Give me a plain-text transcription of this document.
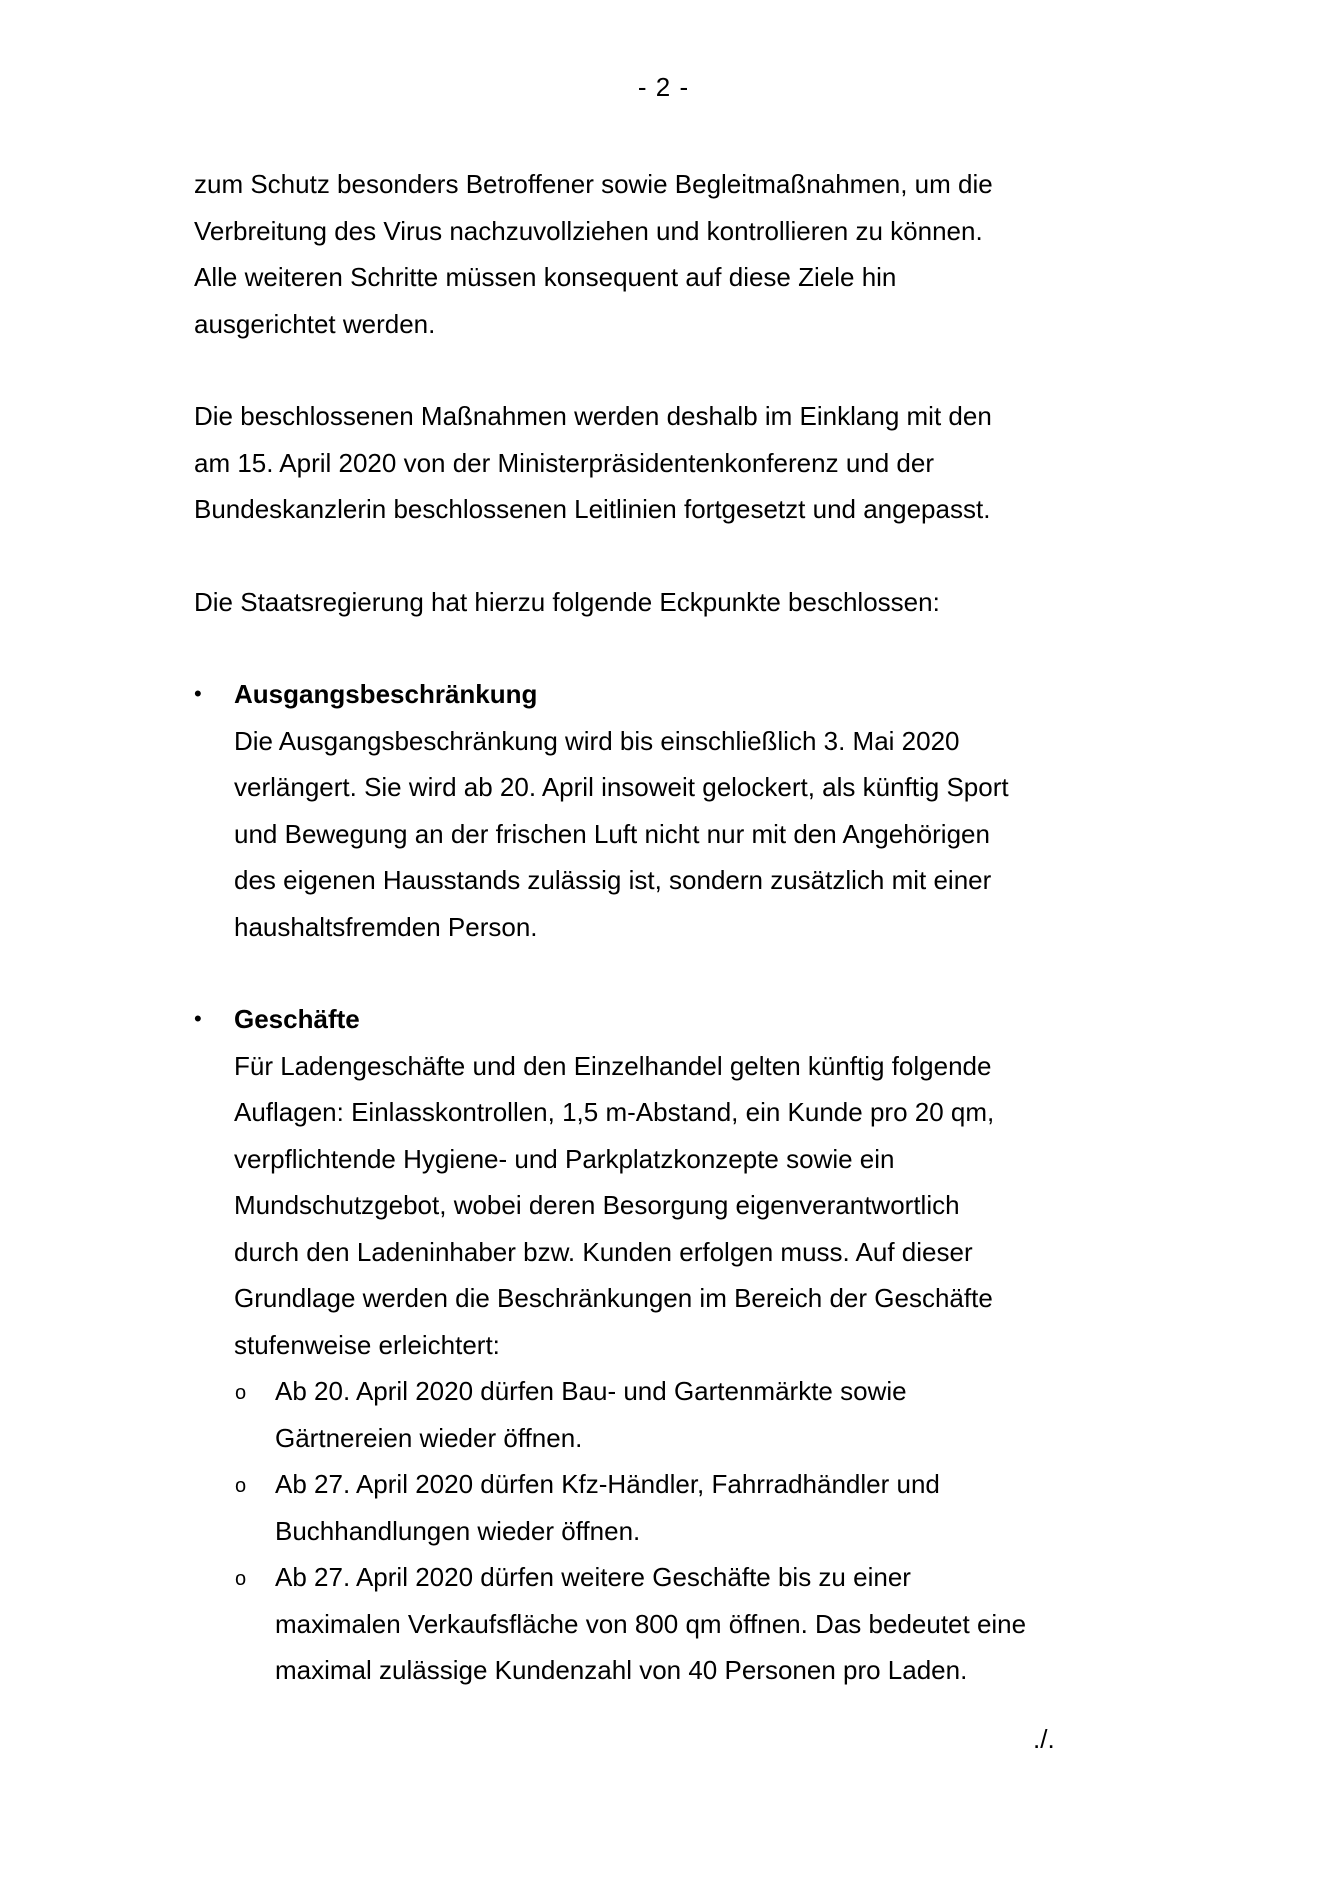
- 2 -
zum Schutz besonders Betroffener sowie Begleitmaßnahmen, um die
Verbreitung des Virus nachzuvollziehen und kontrollieren zu können.
Alle weiteren Schritte müssen konsequent auf diese Ziele hin
ausgerichtet werden.
Die beschlossenen Maßnahmen werden deshalb im Einklang mit den
am 15. April 2020 von der Ministerpräsidentenkonferenz und der
Bundeskanzlerin beschlossenen Leitlinien fortgesetzt und angepasst.
Die Staatsregierung hat hierzu folgende Eckpunkte beschlossen:
•	Ausgangsbeschränkung
Die Ausgangsbeschränkung wird bis einschließlich 3. Mai 2020
verlängert. Sie wird ab 20. April insoweit gelockert, als künftig Sport
und Bewegung an der frischen Luft nicht nur mit den Angehörigen
des eigenen Hausstands zulässig ist, sondern zusätzlich mit einer
haushaltsfremden Person.
•	Geschäfte
Für Ladengeschäfte und den Einzelhandel gelten künftig folgende
Auflagen: Einlasskontrollen, 1,5 m-Abstand, ein Kunde pro 20 qm,
verpflichtende Hygiene- und Parkplatzkonzepte sowie ein
Mundschutzgebot, wobei deren Besorgung eigenverantwortlich
durch den Ladeninhaber bzw. Kunden erfolgen muss. Auf dieser
Grundlage werden die Beschränkungen im Bereich der Geschäfte
stufenweise erleichtert:
o Ab 20. April 2020 dürfen Bau- und Gartenmärkte sowie
Gärtnereien wieder öffnen.
o Ab 27. April 2020 dürfen Kfz-Händler, Fahrradhändler und
Buchhandlungen wieder öffnen.
o Ab 27. April 2020 dürfen weitere Geschäfte bis zu einer
maximalen Verkaufsfläche von 800 qm öffnen. Das bedeutet eine
maximal zulässige Kundenzahl von 40 Personen pro Laden.
./.
